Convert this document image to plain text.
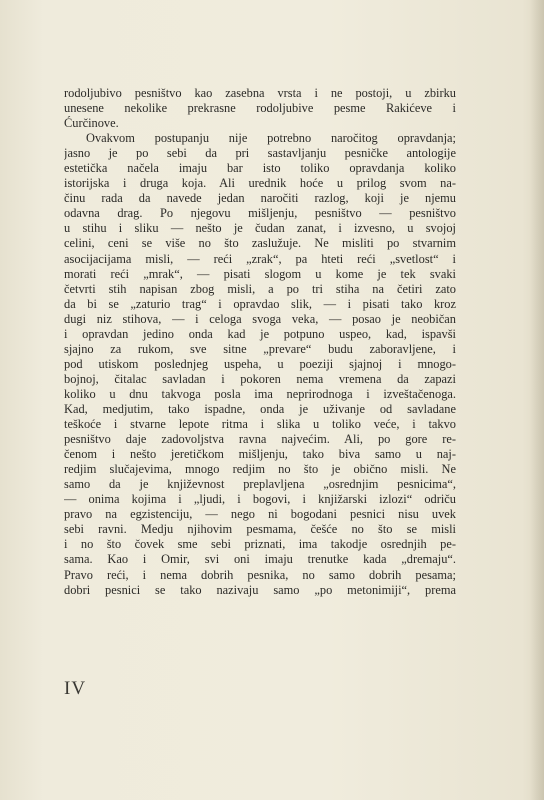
rodoljubivo pesništvo kao zasebna vrsta i ne postoji, u zbirku
unesene nekolike prekrasne rodoljubive pesme Rakićeve i
Ćurčinove.
Ovakvom postupanju nije potrebno naročitog opravdanja;
jasno je po sebi da pri sastavljanju pesničke antologije
estetička načela imaju bar isto toliko opravdanja koliko
istorijska i druga koja. Ali urednik hoće u prilog svom na-
činu rada da navede jedan naročiti razlog, koji je njemu
odavna drag. Po njegovu mišljenju, pesništvo — pesništvo
u stihu i sliku — nešto je čudan zanat, i izvesno, u svojoj
celini, ceni se više no što zaslužuje. Ne misliti po stvarnim
asocijacijama misli, — reći „zrak“, pa hteti reći „svetlost“ i
morati reći „mrak“, — pisati slogom u kome je tek svaki
četvrti stih napisan zbog misli, a po tri stiha na četiri zato
da bi se „zaturio trag“ i opravdao slik, — i pisati tako kroz
dugi niz stihova, — i celoga svoga veka, — posao je neobičan
i opravdan jedino onda kad je potpuno uspeo, kad, ispavši
sjajno za rukom, sve sitne „prevare“ budu zaboravljene, i
pod utiskom poslednjeg uspeha, u poeziji sjajnoj i mnogo-
bojnoj, čitalac savladan i pokoren nema vremena da zapazi
koliko u dnu takvoga posla ima neprirodnoga i izveštačenoga.
Kad, medjutim, tako ispadne, onda je uživanje od savladane
teškoće i stvarne lepote ritma i slika u toliko veće, i takvo
pesništvo daje zadovoljstva ravna najvećim. Ali, po gore re-
čenom i nešto jeretičkom mišljenju, tako biva samo u naj-
redjim slučajevima, mnogo redjim no što je obično misli. Ne
samo da je književnost preplavljena „osrednjim pesnicima“,
— onima kojima i „ljudi, i bogovi, i knjižarski izlozi“ odriču
pravo na egzistenciju, — nego ni bogodani pesnici nisu uvek
sebi ravni. Medju njihovim pesmama, češće no što se misli
i no što čovek sme sebi priznati, ima takodje osrednjih pe-
sama. Kao i Omir, svi oni imaju trenutke kada „dremaju“.
Pravo reći, i nema dobrih pesnika, no samo dobrih pesama;
dobri pesnici se tako nazivaju samo „po metonimiji“, prema
IV
